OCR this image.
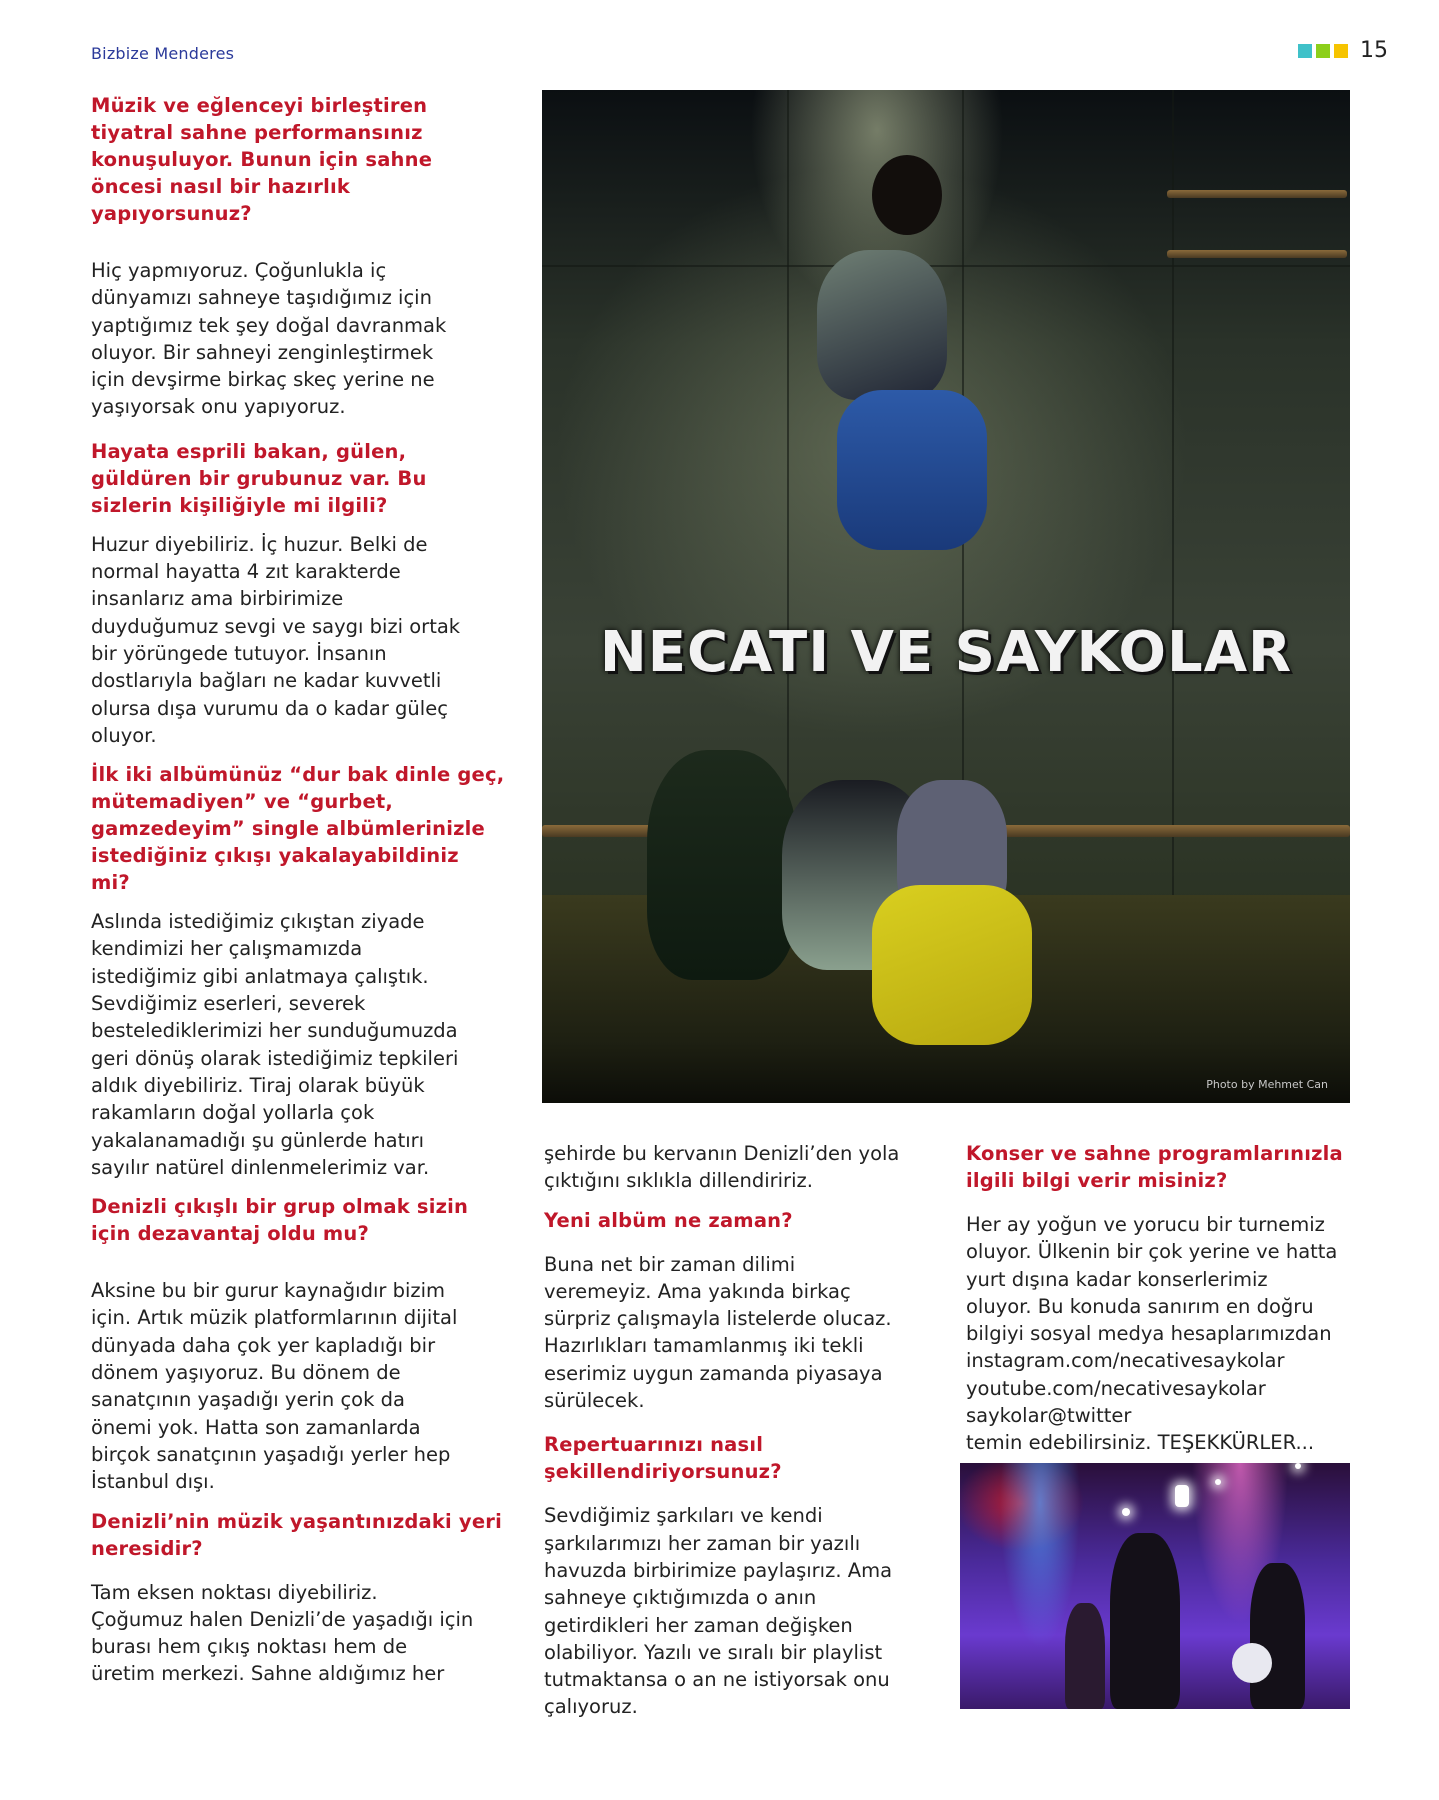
Bizbize Menderes	15

Müzik ve eğlenceyi birleştiren
tiyatral sahne performansınız
konuşuluyor. Bunun için sahne
öncesi nasıl bir hazırlık
yapıyorsunuz?

Hiç yapmıyoruz. Çoğunlukla iç
dünyamızı sahneye taşıdığımız için
yaptığımız tek şey doğal davranmak
oluyor. Bir sahneyi zenginleştirmek
için devşirme birkaç skeç yerine ne
yaşıyorsak onu yapıyoruz.

Hayata esprili bakan, gülen,
güldüren bir grubunuz var. Bu
sizlerin kişiliğiyle mi ilgili?

Huzur diyebiliriz. İç huzur. Belki de
normal hayatta 4 zıt karakterde
insanlarız ama birbirimize
duyduğumuz sevgi ve saygı bizi ortak
bir yörüngede tutuyor. İnsanın
dostlarıyla bağları ne kadar kuvvetli
olursa dışa vurumu da o kadar güleç
oluyor.

İlk iki albümünüz “dur bak dinle geç,
mütemadiyen” ve “gurbet,
gamzedeyim” single albümlerinizle
istediğiniz çıkışı yakalayabildiniz
mi?

Aslında istediğimiz çıkıştan ziyade
kendimizi her çalışmamızda
istediğimiz gibi anlatmaya çalıştık.
Sevdiğimiz eserleri, severek
bestelediklerimizi her sunduğumuzda
geri dönüş olarak istediğimiz tepkileri
aldık diyebiliriz. Tiraj olarak büyük
rakamların doğal yollarla çok
yakalanamadığı şu günlerde hatırı
sayılır natürel dinlenmelerimiz var.

Denizli çıkışlı bir grup olmak sizin
için dezavantaj oldu mu?

Aksine bu bir gurur kaynağıdır bizim
için. Artık müzik platformlarının dijital
dünyada daha çok yer kapladığı bir
dönem yaşıyoruz. Bu dönem de
sanatçının yaşadığı yerin çok da
önemi yok. Hatta son zamanlarda
birçok sanatçının yaşadığı yerler hep
İstanbul dışı.

Denizli’nin müzik yaşantınızdaki yeri
neresidir?

Tam eksen noktası diyebiliriz.
Çoğumuz halen Denizli’de yaşadığı için
burası hem çıkış noktası hem de
üretim merkezi. Sahne aldığımız her

NECATI VE SAYKOLAR
Photo by Mehmet Can

şehirde bu kervanın Denizli’den yola
çıktığını sıklıkla dillendiririz.

Yeni albüm ne zaman?

Buna net bir zaman dilimi
veremeyiz. Ama yakında birkaç
sürpriz çalışmayla listelerde olucaz.
Hazırlıkları tamamlanmış iki tekli
eserimiz uygun zamanda piyasaya
sürülecek.

Repertuarınızı nasıl
şekillendiriyorsunuz?

Sevdiğimiz şarkıları ve kendi
şarkılarımızı her zaman bir yazılı
havuzda birbirimize paylaşırız. Ama
sahneye çıktığımızda o anın
getirdikleri her zaman değişken
olabiliyor. Yazılı ve sıralı bir playlist
tutmaktansa o an ne istiyorsak onu
çalıyoruz.

Konser ve sahne programlarınızla
ilgili bilgi verir misiniz?

Her ay yoğun ve yorucu bir turnemiz
oluyor. Ülkenin bir çok yerine ve hatta
yurt dışına kadar konserlerimiz
oluyor. Bu konuda sanırım en doğru
bilgiyi sosyal medya hesaplarımızdan
instagram.com/necativesaykolar
youtube.com/necativesaykolar
saykolar@twitter
temin edebilirsiniz. TEŞEKKÜRLER...
